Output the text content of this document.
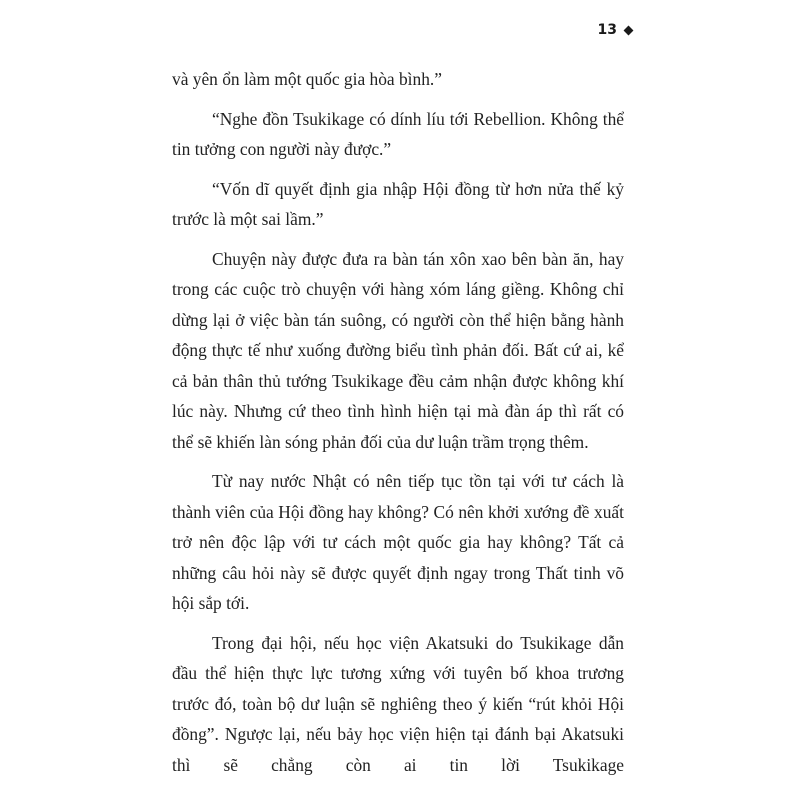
13

và yên ổn làm một quốc gia hòa bình.”

“Nghe đồn Tsukikage có dính líu tới Rebellion. Không thể tin tưởng con người này được.”

“Vốn dĩ quyết định gia nhập Hội đồng từ hơn nửa thế kỷ trước là một sai lầm.”

Chuyện này được đưa ra bàn tán xôn xao bên bàn ăn, hay trong các cuộc trò chuyện với hàng xóm láng giềng. Không chỉ dừng lại ở việc bàn tán suông, có người còn thể hiện bằng hành động thực tế như xuống đường biểu tình phản đối. Bất cứ ai, kể cả bản thân thủ tướng Tsukikage đều cảm nhận được không khí lúc này. Nhưng cứ theo tình hình hiện tại mà đàn áp thì rất có thể sẽ khiến làn sóng phản đối của dư luận trầm trọng thêm.

Từ nay nước Nhật có nên tiếp tục tồn tại với tư cách là thành viên của Hội đồng hay không? Có nên khởi xướng đề xuất trở nên độc lập với tư cách một quốc gia hay không? Tất cả những câu hỏi này sẽ được quyết định ngay trong Thất tinh võ hội sắp tới.

Trong đại hội, nếu học viện Akatsuki do Tsukikage dẫn đầu thể hiện thực lực tương xứng với tuyên bố khoa trương trước đó, toàn bộ dư luận sẽ nghiêng theo ý kiến “rút khỏi Hội đồng”. Ngược lại, nếu bảy học viện hiện tại đánh bại Akatsuki thì sẽ chẳng còn ai tin lời Tsukikage
